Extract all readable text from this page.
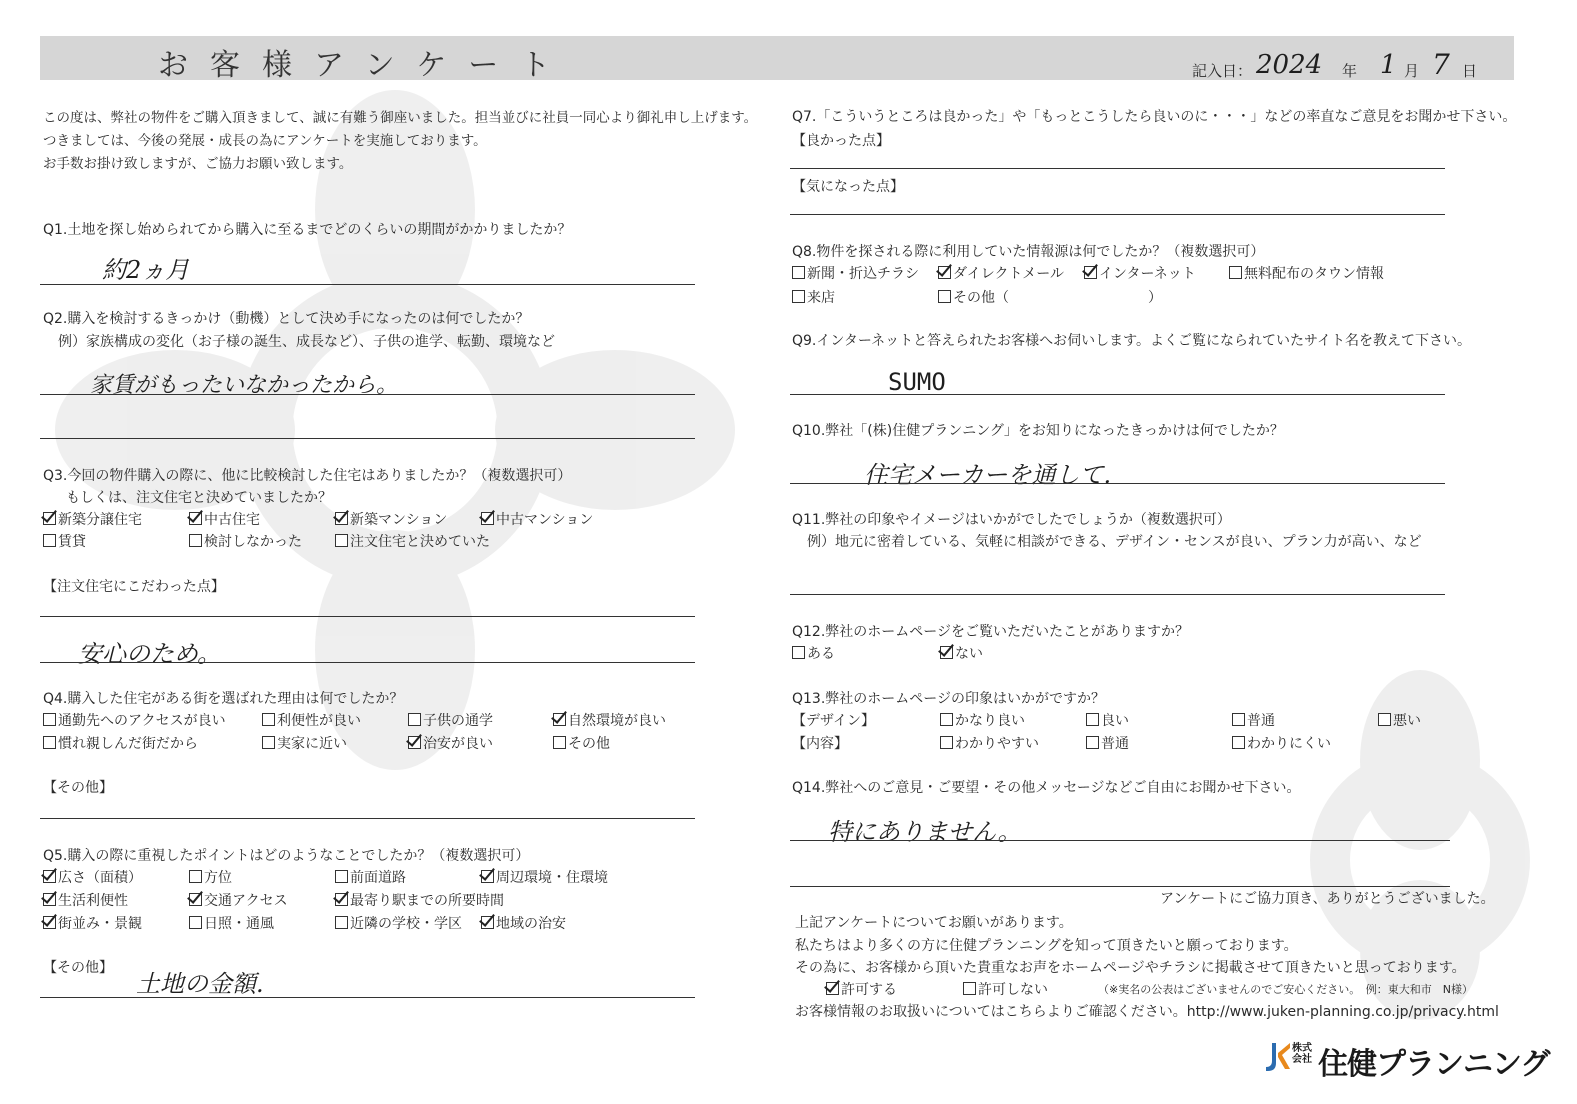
お客様アンケート	記入日： 2024 年 1 月 7 日
この度は、弊社の物件をご購入頂きまして、誠に有難う御座いました。担当並びに社員一同心より御礼申し上げます。
つきましては、今後の発展・成長の為にアンケートを実施しております。
お手数お掛け致しますが、ご協力お願い致します。
Q1.土地を探し始められてから購入に至るまでどのくらいの期間がかかりましたか？
約2ヵ月
Q2.購入を検討するきっかけ（動機）として決め手になったのは何でしたか？
例）家族構成の変化（お子様の誕生、成長など）、子供の進学、転勤、環境など
家賃がもったいなかったから。
Q3.今回の物件購入の際に、他に比較検討した住宅はありましたか？（複数選択可）
もしくは、注文住宅と決めていましたか？
新築分譲住宅	中古住宅	新築マンション	中古マンション
賃貸	検討しなかった	注文住宅と決めていた
【注文住宅にこだわった点】
安心のため。
Q4.購入した住宅がある街を選ばれた理由は何でしたか？
通勤先へのアクセスが良い	利便性が良い	子供の通学	自然環境が良い
慣れ親しんだ街だから	実家に近い	治安が良い	その他
【その他】
Q5.購入の際に重視したポイントはどのようなことでしたか？（複数選択可）
広さ（面積）	方位	前面道路	周辺環境・住環境
生活利便性	交通アクセス	最寄り駅までの所要時間
街並み・景観	日照・通風	近隣の学校・学区	地域の治安
【その他】
土地の金額.
Q7.「こういうところは良かった」や「もっとこうしたら良いのに・・・」などの率直なご意見をお聞かせ下さい。
【良かった点】
【気になった点】
Q8.物件を探される際に利用していた情報源は何でしたか？（複数選択可）
新聞・折込チラシ	ダイレクトメール	インターネット	無料配布のタウン情報
来店	その他（	）
Q9.インターネットと答えられたお客様へお伺いします。よくご覧になられていたサイト名を教えて下さい。
SUMO
Q10.弊社「(株)住健プランニング」をお知りになったきっかけは何でしたか？
住宅メーカーを通して.
Q11.弊社の印象やイメージはいかがでしたでしょうか（複数選択可）
例）地元に密着している、気軽に相談ができる、デザイン・センスが良い、プラン力が高い、など
Q12.弊社のホームページをご覧いただいたことがありますか？
ある	ない
Q13.弊社のホームページの印象はいかがですか？
【デザイン】	かなり良い	良い	普通	悪い
【内容】	わかりやすい	普通	わかりにくい
Q14.弊社へのご意見・ご要望・その他メッセージなどご自由にお聞かせ下さい。
特にありません。
アンケートにご協力頂き、ありがとうございました。
上記アンケートについてお願いがあります。
私たちはより多くの方に住健プランニングを知って頂きたいと願っております。
その為に、お客様から頂いた貴重なお声をホームページやチラシに掲載させて頂きたいと思っております。
許可する	許可しない	（※実名の公表はございませんのでご安心ください。　例：東大和市　N様）
お客様情報のお取扱いについてはこちらよりご確認ください。http://www.juken-planning.co.jp/privacy.html
株式
会社 住健プランニング
